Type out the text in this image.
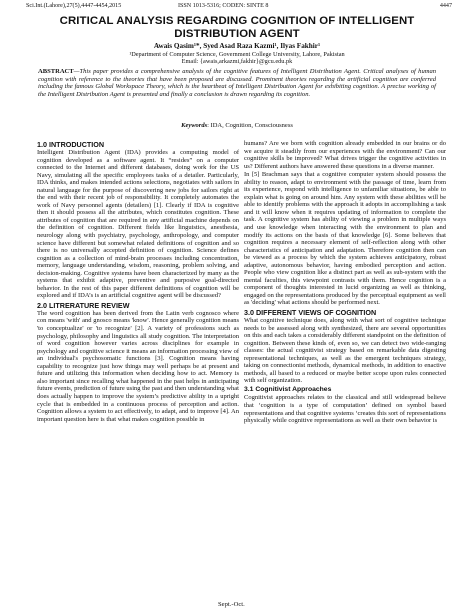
Sci.Int.(Lahore),27(5),4447-4454,2015	ISSN 1013-5316; CODEN: SINTE 8	4447
CRITICAL ANALYSIS REGARDING COGNITION OF INTELLIGENT DISTRIBUTION AGENT
Awais Qasim¹*, Syed Asad Raza Kazmi¹, Ilyas Fakhir¹
¹Department of Computer Science, Government College University, Lahore, Pakistan
Email: {awais,arkazmi,fakhir}@gcu.edu.pk
ABSTRACT—This paper provides a comprehensive analysis of the cognitive features of Intelligent Distribution Agent. Critical analyses of human cognition with reference to the theories that have been proposed are discussed. Prominent theories regarding the artificial cognition are conferred including the famous Global Workspace Theory, which is the heartbeat of Intelligent Distribution Agent for exhibiting cognition. A precise working of the Intelligent Distribution Agent is presented and finally a conclusion is drawn regarding its cognition.
Keywords: IDA, Cognition, Consciousness
1.0 INTRODUCTION

Intelligent Distribution Agent (IDA) provides a computing model of cognition developed as a software agent. It “resides” on a computer connected to the Internet and different databases, doing work for the US Navy, simulating all the specific employees tasks of a detailer. Particularly, IDA thinks, and makes intended actions selections, negotiates with sailors in natural language for the purpose of discovering new jobs for sailors right at the end with their recent job of responsibility. It completely automates the work of Navy personnel agents (detailers) [1]. Clearly if IDA is cognitive then it should possess all the attributes, which constitutes cognition. These attributes of cognition that are required in any artificial machine depends on the definition of cognition. Different fields like linguistics, anesthesia, neurology along with psychiatry, psychology, anthropology, and computer science have different but somewhat related definitions of cognition and so there is no universally accepted definition of cognition. Science defines cognition as a collection of mind-brain processes including concentration, memory, language understanding, wisdom, reasoning, problem solving, and decision-making. Cognitive systems have been characterized by many as the systems that exhibit adaptive, preventive and purposive goal-directed behavior. In the rest of this paper different definitions of cognition will be explored and if IDA’s is an artificial cognitive agent will be discussed?

2.0 LITRERATURE REVIEW

The word cognition has been derived from the Latin verb cognosco where con means 'with' and gnosco means 'know'. Hence generally cognition means 'to conceptualize' or 'to recognize' [2]. A variety of professions such as psychology, philosophy and linguistics all study cognition. The interpretation of word cognition however varies across disciplines for example in psychology and cognitive science it means an information processing view of an individual's psychosomatic functions [3]. Cognition means having capability to recognize just how things may well perhaps be at present and future and utilizing this information when deciding how to act. Memory is also important since recalling what happened in the past helps in anticipating future events, prediction of future using the past and then understanding what does actually happen to improve the system’s predictive ability in a upright cycle that is embedded in a continuous process of perception and action. Cognition allows a system to act effectively, to adapt, and to improve [4]. An important question here is that what makes cognition possible in

humans? Are we born with cognition already embedded in our brains or do we acquire it steadily from our experiences with the environment? Can our cognitive skills be improved? What drives trigger the cognitive activities in us? Different authors have answered these questions in a diverse manner.

In [5] Brachman says that a cognitive computer system should possess the ability to reason, adapt to environment with the passage of time, learn from its experience, respond with intelligence to unfamiliar situations, be able to explain what is going on around him. Any system with these abilities will be able to identify problems with the approach it adopts in accomplishing a task and it will know when it requires updating of information to complete the task. A cognitive system has ability of viewing a problem in multiple ways and use knowledge when interacting with the environment to plan and modify its actions on the basis of that knowledge [6]. Some believes that cognition requires a necessary element of self-reflection along with other characteristics of anticipation and adaptation. Therefore cognition then can be viewed as a process by which the system achieves anticipatory, robust adaptive, autonomous behavior, having embodied perception and action. People who view cognition like a distinct part as well as sub-system with the mental faculties, this viewpoint contrasts with them. Hence cognition is a component of thoughts interested in lucid organizing as well as thinking, engaged on the representations produced by the perceptual equipment as well as 'deciding' what actions should be performed next.

3.0 DIFFERENT VIEWS OF COGNITION

What cognitive technique does, along with what sort of cognitive technique needs to be assessed along with synthesized, there are several opportunities on this and each takes a considerably different standpoint on the definition of cognition. Between these kinds of, even so, we can detect two wide-ranging classes: the actual cognitivist strategy based on remarkable data digesting representational techniques, as well as the emergent techniques strategy, taking on connectionist methods, dynamical methods, in addition to enactive methods, all based to a reduced or maybe better scope upon rules connected with self organization.

3.1 Cognitivist Approaches

Cognitivist approaches relates to the classical and still widespread believe that ‘cognition is a type of computation’ defined on symbol based representations and that cognitive systems ‘creates this sort of representations physically while cognitive representations as well as their own behavior is

Sept.-Oct.
